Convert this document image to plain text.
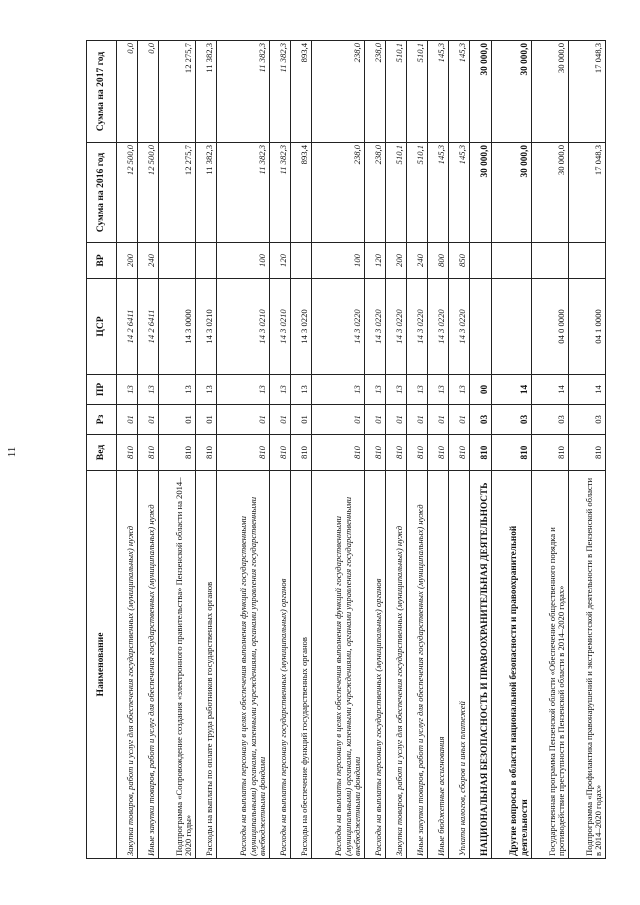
11
Наименование	Вед	Рз	ПР	ЦСР	ВР	Сумма на 2016 год	Сумма на 2017 год
Закупка товаров, работ и услуг для обеспечения государственных (муниципальных) нужд	810	01	13	14 2 6411	200	12 500,0	0,0
Иные закупки товаров, работ и услуг для обеспечения государственных (муниципальных) нужд	810	01	13	14 2 6411	240	12 500,0	0,0
Подпрограмма «Сопровождение создания «электронного правительства» Пензенской области на 2014–2020 годы»	810	01	13	14 3 0000		12 275,7	12 275,7
Расходы на выплаты по оплате труда работников государственных органов	810	01	13	14 3 0210		11 382,3	11 382,3
Расходы на выплаты персоналу в целях обеспечения выполнения функций государственными (муниципальными) органами, казенными учреждениями, органами управления государственными внебюджетными фондами	810	01	13	14 3 0210	100	11 382,3	11 382,3
Расходы на выплаты персоналу государственных (муниципальных) органов	810	01	13	14 3 0210	120	11 382,3	11 382,3
Расходы на обеспечение функций государственных органов	810	01	13	14 3 0220		893,4	893,4
Расходы на выплаты персоналу в целях обеспечения выполнения функций государственными (муниципальными) органами, казенными учреждениями, органами управления государственными внебюджетными фондами	810	01	13	14 3 0220	100	238,0	238,0
Расходы на выплаты персоналу государственных (муниципальных) органов	810	01	13	14 3 0220	120	238,0	238,0
Закупка товаров, работ и услуг для обеспечения государственных (муниципальных) нужд	810	01	13	14 3 0220	200	510,1	510,1
Иные закупки товаров, работ и услуг для обеспечения государственных (муниципальных) нужд	810	01	13	14 3 0220	240	510,1	510,1
Иные бюджетные ассигнования	810	01	13	14 3 0220	800	145,3	145,3
Уплата налогов, сборов и иных платежей	810	01	13	14 3 0220	850	145,3	145,3
НАЦИОНАЛЬНАЯ БЕЗОПАСНОСТЬ И ПРАВООХРАНИТЕЛЬНАЯ ДЕЯТЕЛЬНОСТЬ	810	03	00			30 000,0	30 000,0
Другие вопросы в области национальной безопасности и правоохранительной деятельности	810	03	14			30 000,0	30 000,0
Государственная программа Пензенской области «Обеспечение общественного порядка и противодействие преступности в Пензенской области в 2014–2020 годах»	810	03	14	04 0 0000		30 000,0	30 000,0
Подпрограмма «Профилактика правонарушений и экстремистской деятельности в Пензенской области в 2014–2020 годах»	810	03	14	04 1 0000		17 048,3	17 048,3
